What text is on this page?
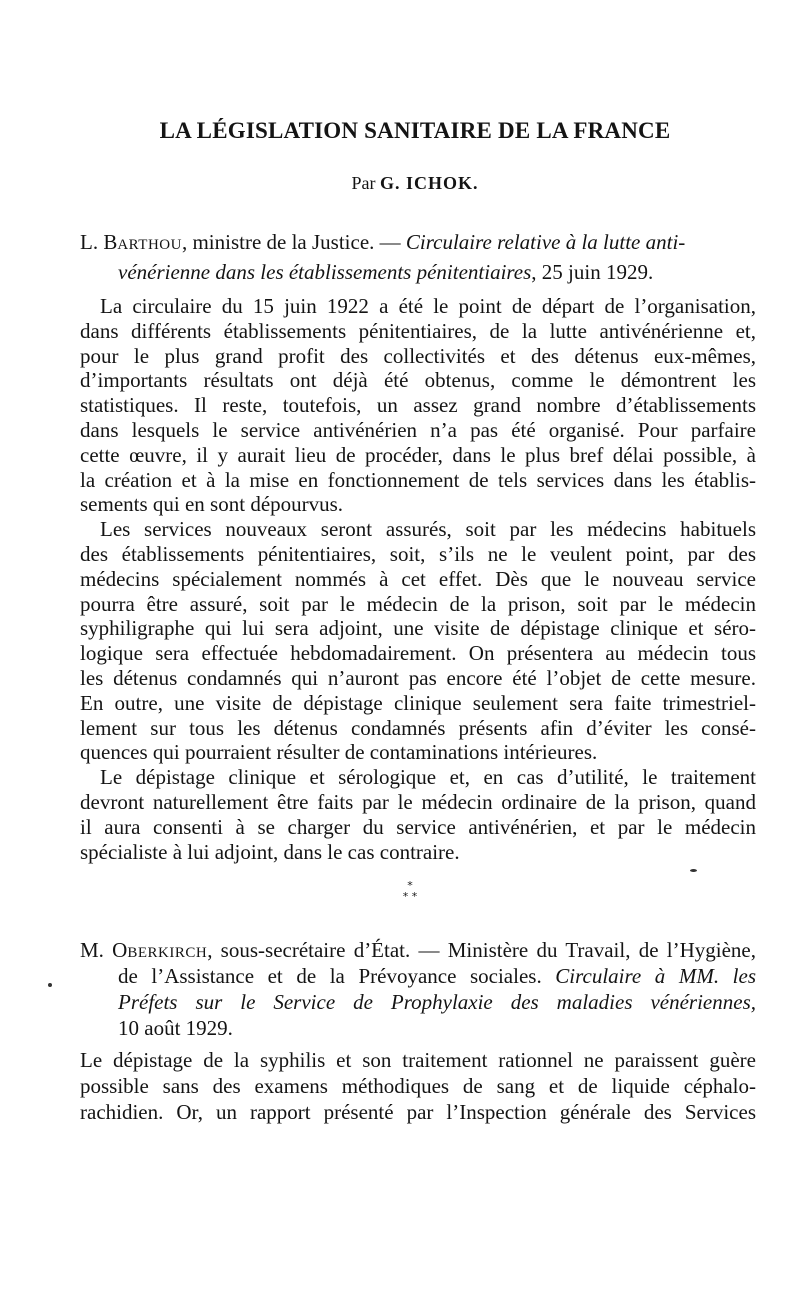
LA LÉGISLATION SANITAIRE DE LA FRANCE
Par G. ICHOK.
L. BARTHOU, ministre de la Justice. — Circulaire relative à la lutte anti-
vénérienne dans les établissements pénitentiaires, 25 juin 1929.
La circulaire du 15 juin 1922 a été le point de départ de l’organisation,
dans différents établissements pénitentiaires, de la lutte antivénérienne et,
pour le plus grand profit des collectivités et des détenus eux-mêmes,
d’importants résultats ont déjà été obtenus, comme le démontrent les
statistiques. Il reste, toutefois, un assez grand nombre d’établissements
dans lesquels le service antivénérien n’a pas été organisé. Pour parfaire
cette œuvre, il y aurait lieu de procéder, dans le plus bref délai possible, à
la création et à la mise en fonctionnement de tels services dans les établis-
sements qui en sont dépourvus.
Les services nouveaux seront assurés, soit par les médecins habituels
des établissements pénitentiaires, soit, s’ils ne le veulent point, par des
médecins spécialement nommés à cet effet. Dès que le nouveau service
pourra être assuré, soit par le médecin de la prison, soit par le médecin
syphiligraphe qui lui sera adjoint, une visite de dépistage clinique et séro-
logique sera effectuée hebdomadairement. On présentera au médecin tous
les détenus condamnés qui n’auront pas encore été l’objet de cette mesure.
En outre, une visite de dépistage clinique seulement sera faite trimestriel-
lement sur tous les détenus condamnés présents afin d’éviter les consé-
quences qui pourraient résulter de contaminations intérieures.
Le dépistage clinique et sérologique et, en cas d’utilité, le traitement
devront naturellement être faits par le médecin ordinaire de la prison, quand
il aura consenti à se charger du service antivénérien, et par le médecin
spécialiste à lui adjoint, dans le cas contraire.
*
* *
M. OBERKIRCH, sous-secrétaire d’État. — Ministère du Travail, de l’Hygiène,
de l’Assistance et de la Prévoyance sociales. Circulaire à MM. les
Préfets sur le Service de Prophylaxie des maladies vénériennes,
10 août 1929.
Le dépistage de la syphilis et son traitement rationnel ne paraissent guère
possible sans des examens méthodiques de sang et de liquide céphalo-
rachidien. Or, un rapport présenté par l’Inspection générale des Services
